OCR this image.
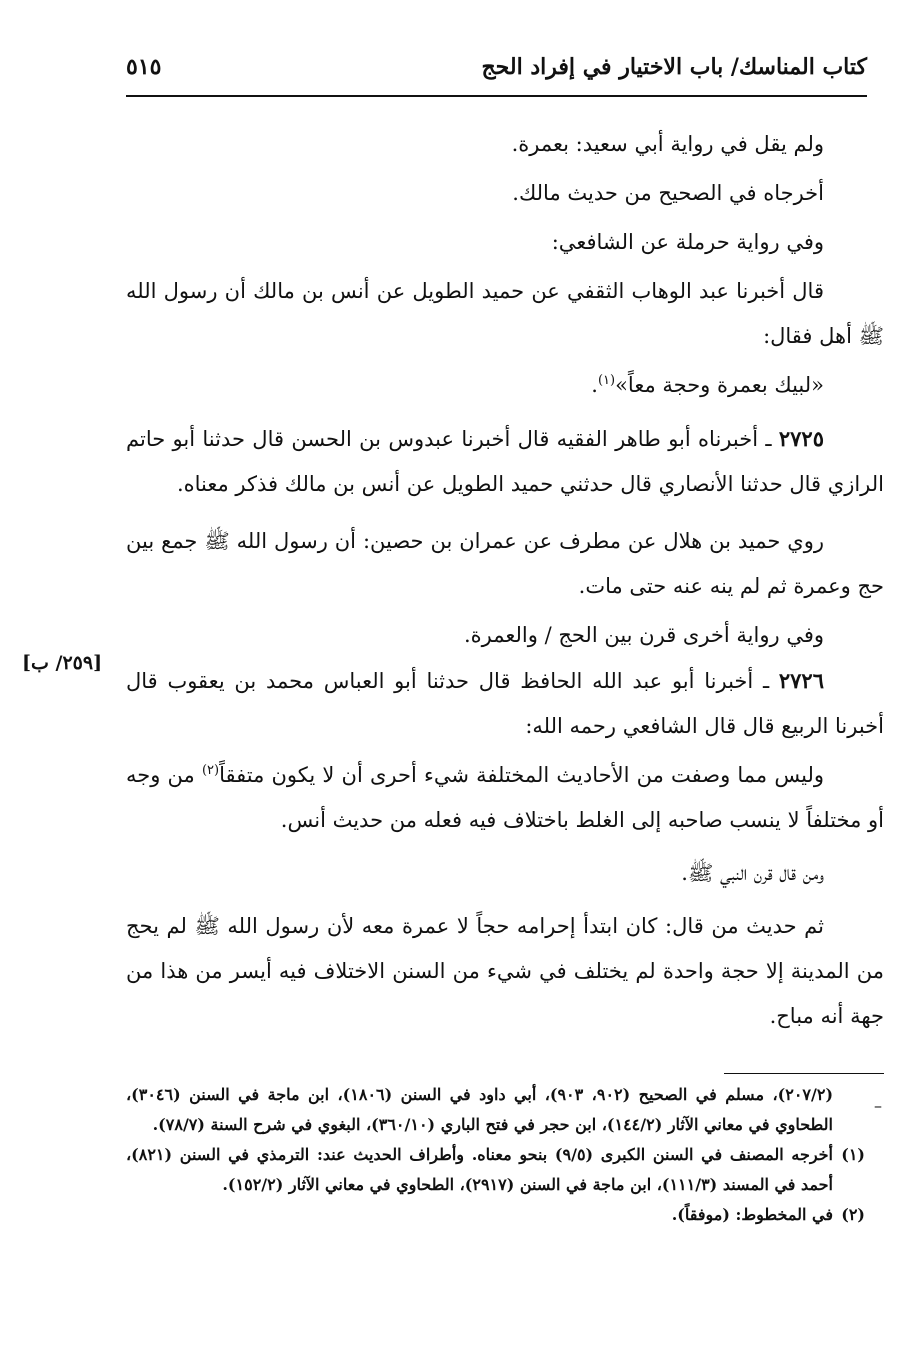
كتاب المناسك/ باب الاختيار في إفراد الحج
٥١٥

ولم يقل في رواية أبي سعيد: بعمرة.

أخرجاه في الصحيح من حديث مالك.

وفي رواية حرملة عن الشافعي:

قال أخبرنا عبد الوهاب الثقفي عن حميد الطويل عن أنس بن مالك أن رسول الله ﷺ أهل فقال:

«لبيك بعمرة وحجة معاً»$^{(١)}$.

٢٧٢٥ ـ أخبرناه أبو طاهر الفقيه قال أخبرنا عبدوس بن الحسن قال حدثنا أبو حاتم الرازي قال حدثنا الأنصاري قال حدثني حميد الطويل عن أنس بن مالك فذكر معناه.

روي حميد بن هلال عن مطرف عن عمران بن حصين: أن رسول الله ﷺ جمع بين حج وعمرة ثم لم ينه عنه حتى مات.

وفي رواية أخرى قرن بين الحج / والعمرة.

٢٧٢٦ ـ أخبرنا أبو عبد الله الحافظ قال حدثنا أبو العباس محمد بن يعقوب قال أخبرنا الربيع قال قال الشافعي رحمه الله:

وليس مما وصفت من الأحاديث المختلفة شيء أحرى أن لا يكون متفقاً$^{(٢)}$ من وجه أو مختلفاً لا ينسب صاحبه إلى الغلط باختلاف فيه فعله من حديث أنس.

ومن قال قرن النبي ﷺ.

ثم حديث من قال: كان ابتدأ إحرامه حجاً لا عمرة معه لأن رسول الله ﷺ لم يحج من المدينة إلا حجة واحدة لم يختلف في شيء من السنن الاختلاف فيه أيسر من هذا من جهة أنه مباح.

[٢٥٩/ ب]
–

(٢٠٧/٢)، مسلم في الصحيح (٩٠٢، ٩٠٣)، أبي داود في السنن (١٨٠٦)، ابن ماجة في السنن (٣٠٤٦)، الطحاوي في معاني الآثار (١٤٤/٢)، ابن حجر في فتح الباري (٣٦٠/١٠)، البغوي في شرح السنة (٧٨/٧).

(١)
أخرجه المصنف في السنن الكبرى (٩/٥) بنحو معناه. وأطراف الحديث عند: الترمذي في السنن (٨٢١)، أحمد في المسند (١١١/٣)، ابن ماجة في السنن (٢٩١٧)، الطحاوي في معاني الآثار (١٥٢/٢).

(٢)
في المخطوط: (موفقاً).
